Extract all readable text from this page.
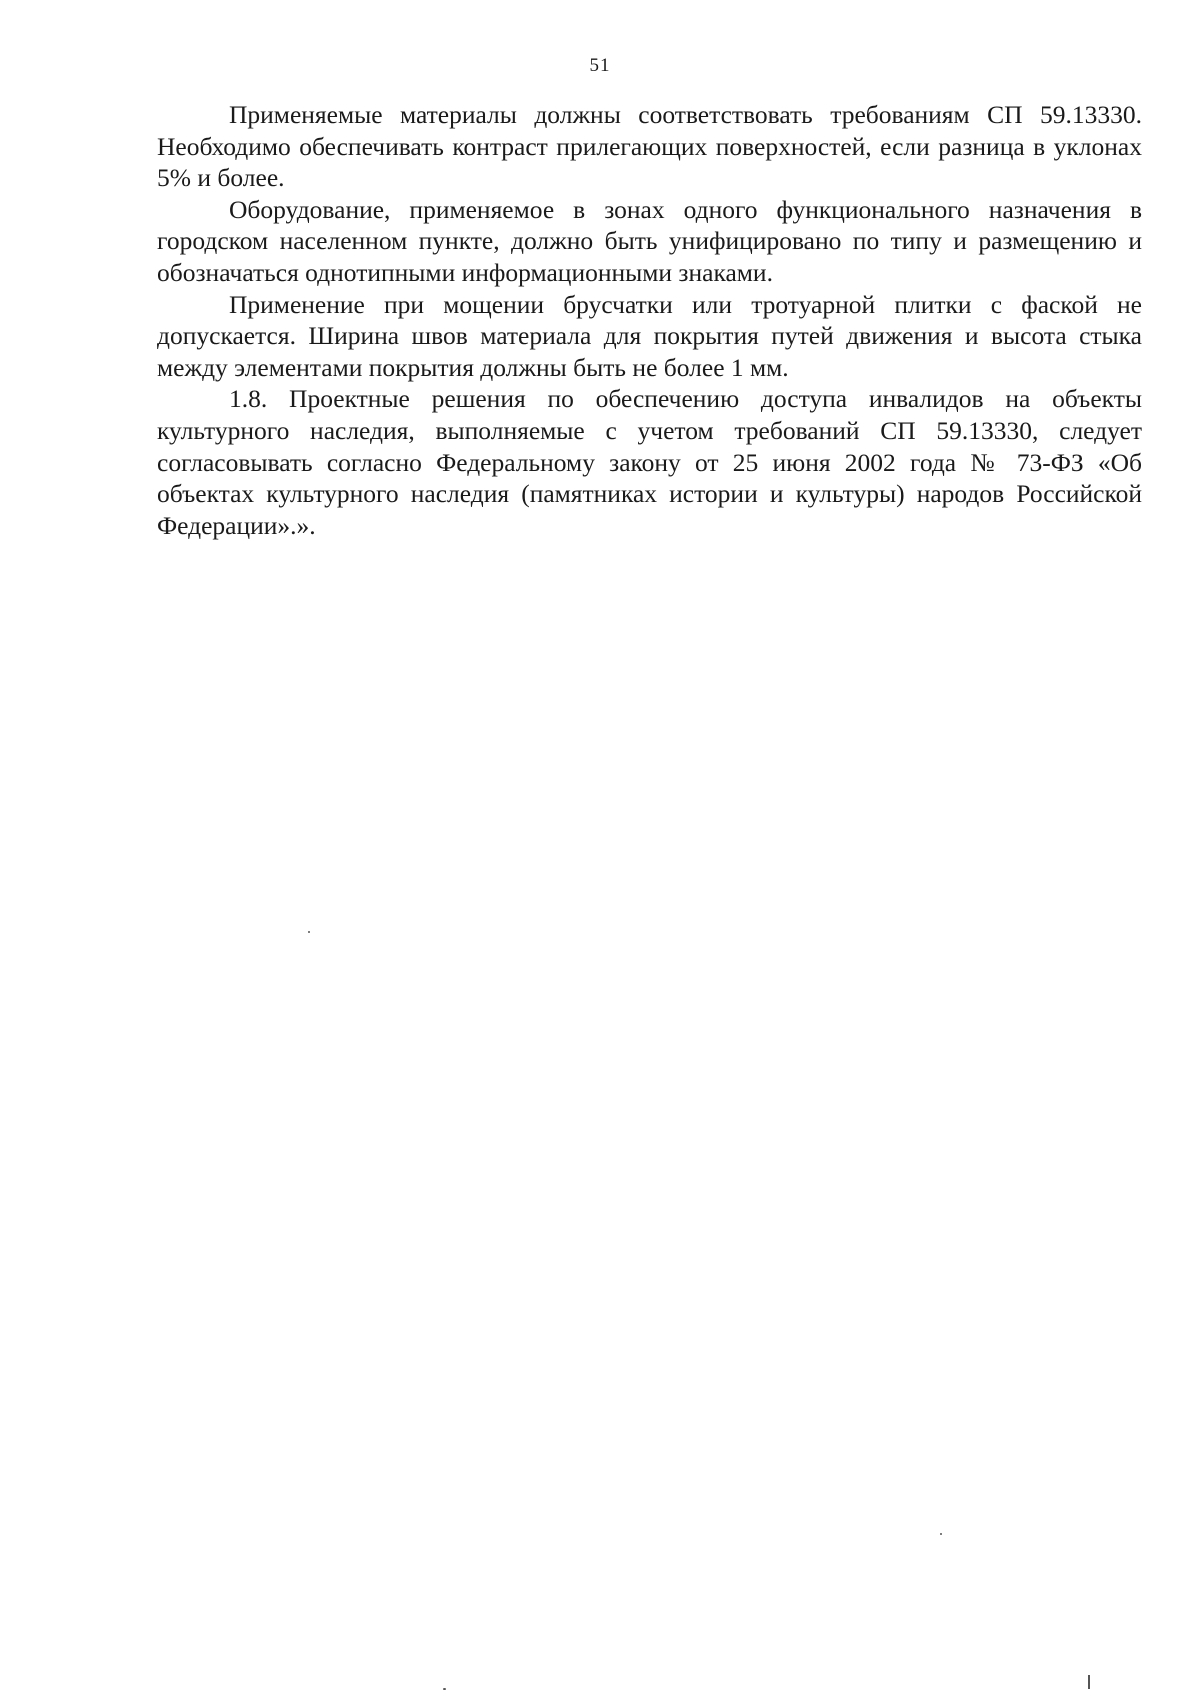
51

Применяемые материалы должны соответствовать требованиям СП 59.13330. Необходимо обеспечивать контраст прилегающих поверхностей, если разница в уклонах 5% и более.

Оборудование, применяемое в зонах одного функционального назначения в городском населенном пункте, должно быть унифицировано по типу и размещению и обозначаться однотипными информационными знаками.

Применение при мощении брусчатки или тротуарной плитки с фаской не допускается. Ширина швов материала для покрытия путей движения и высота стыка между элементами покрытия должны быть не более 1 мм.

1.8. Проектные решения по обеспечению доступа инвалидов на объекты культурного наследия, выполняемые с учетом требований СП 59.13330, следует согласовывать согласно Федеральному закону от 25 июня 2002 года № 73-ФЗ «Об объектах культурного наследия (памятниках истории и культуры) народов Российской Федерации».».
